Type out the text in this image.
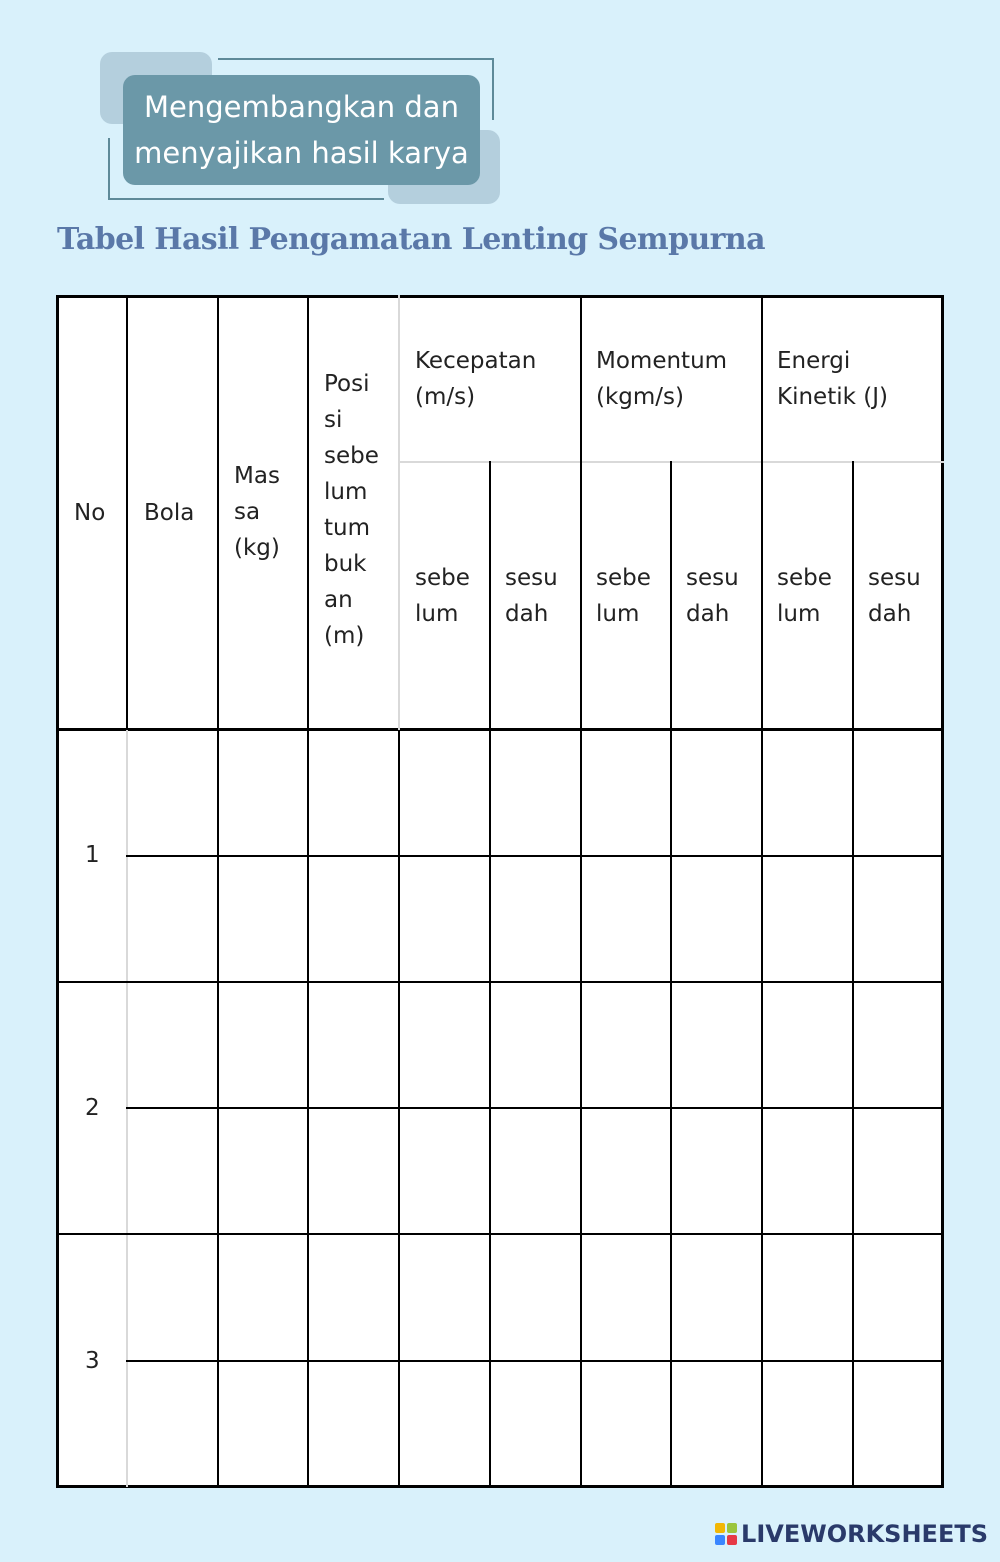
Mengembangkan dan
menyajikan hasil karya
Tabel Hasil Pengamatan Lenting Sempurna
No Bola
Mas
sa
(kg)
Posi
si
sebe
lum
tum
buk
an
(m)
Kecepatan
(m/s)
Momentum
(kgm/s)
Energi
Kinetik (J)
sebe
lum
sesu
dah
sebe
lum
sesu
dah
sebe
lum
sesu
dah
1
2
3
LIVEWORKSHEETS
